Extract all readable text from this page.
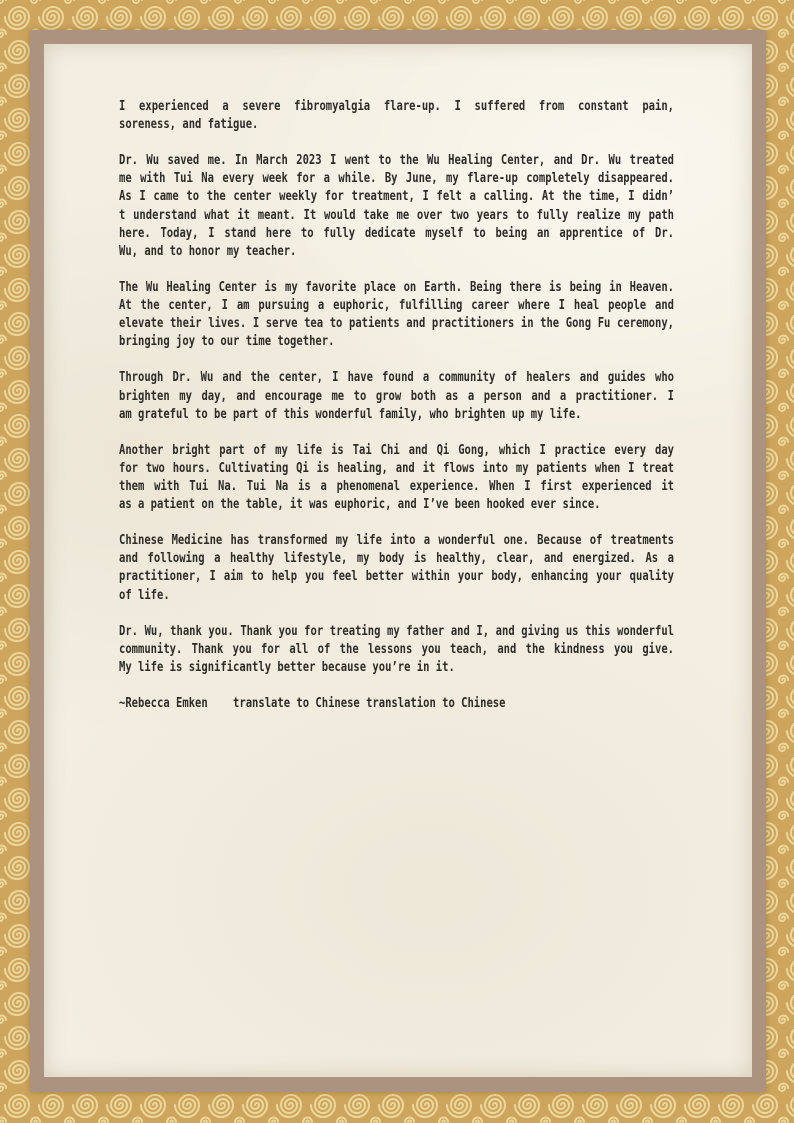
I experienced a severe fibromyalgia flare-up. I suffered from constant pain,
soreness, and fatigue.
Dr. Wu saved me. In March 2023 I went to the Wu Healing Center, and Dr. Wu treated
me with Tui Na every week for a while. By June, my flare-up completely disappeared.
As I came to the center weekly for treatment, I felt a calling. At the time, I didn’
t understand what it meant. It would take me over two years to fully realize my path
here. Today, I stand here to fully dedicate myself to being an apprentice of Dr.
Wu, and to honor my teacher.
The Wu Healing Center is my favorite place on Earth. Being there is being in Heaven.
At the center, I am pursuing a euphoric, fulfilling career where I heal people and
elevate their lives. I serve tea to patients and practitioners in the Gong Fu ceremony,
bringing joy to our time together.
Through Dr. Wu and the center, I have found a community of healers and guides who
brighten my day, and encourage me to grow both as a person and a practitioner. I
am grateful to be part of this wonderful family, who brighten up my life.
Another bright part of my life is Tai Chi and Qi Gong, which I practice every day
for two hours. Cultivating Qi is healing, and it flows into my patients when I treat
them with Tui Na. Tui Na is a phenomenal experience. When I first experienced it
as a patient on the table, it was euphoric, and I’ve been hooked ever since.
Chinese Medicine has transformed my life into a wonderful one. Because of treatments
and following a healthy lifestyle, my body is healthy, clear, and energized. As a
practitioner, I aim to help you feel better within your body, enhancing your quality
of life.
Dr. Wu, thank you. Thank you for treating my father and I, and giving us this wonderful
community. Thank you for all of the lessons you teach, and the kindness you give.
My life is significantly better because you’re in it.
~Rebecca Emken    translate to Chinese translation to Chinese
